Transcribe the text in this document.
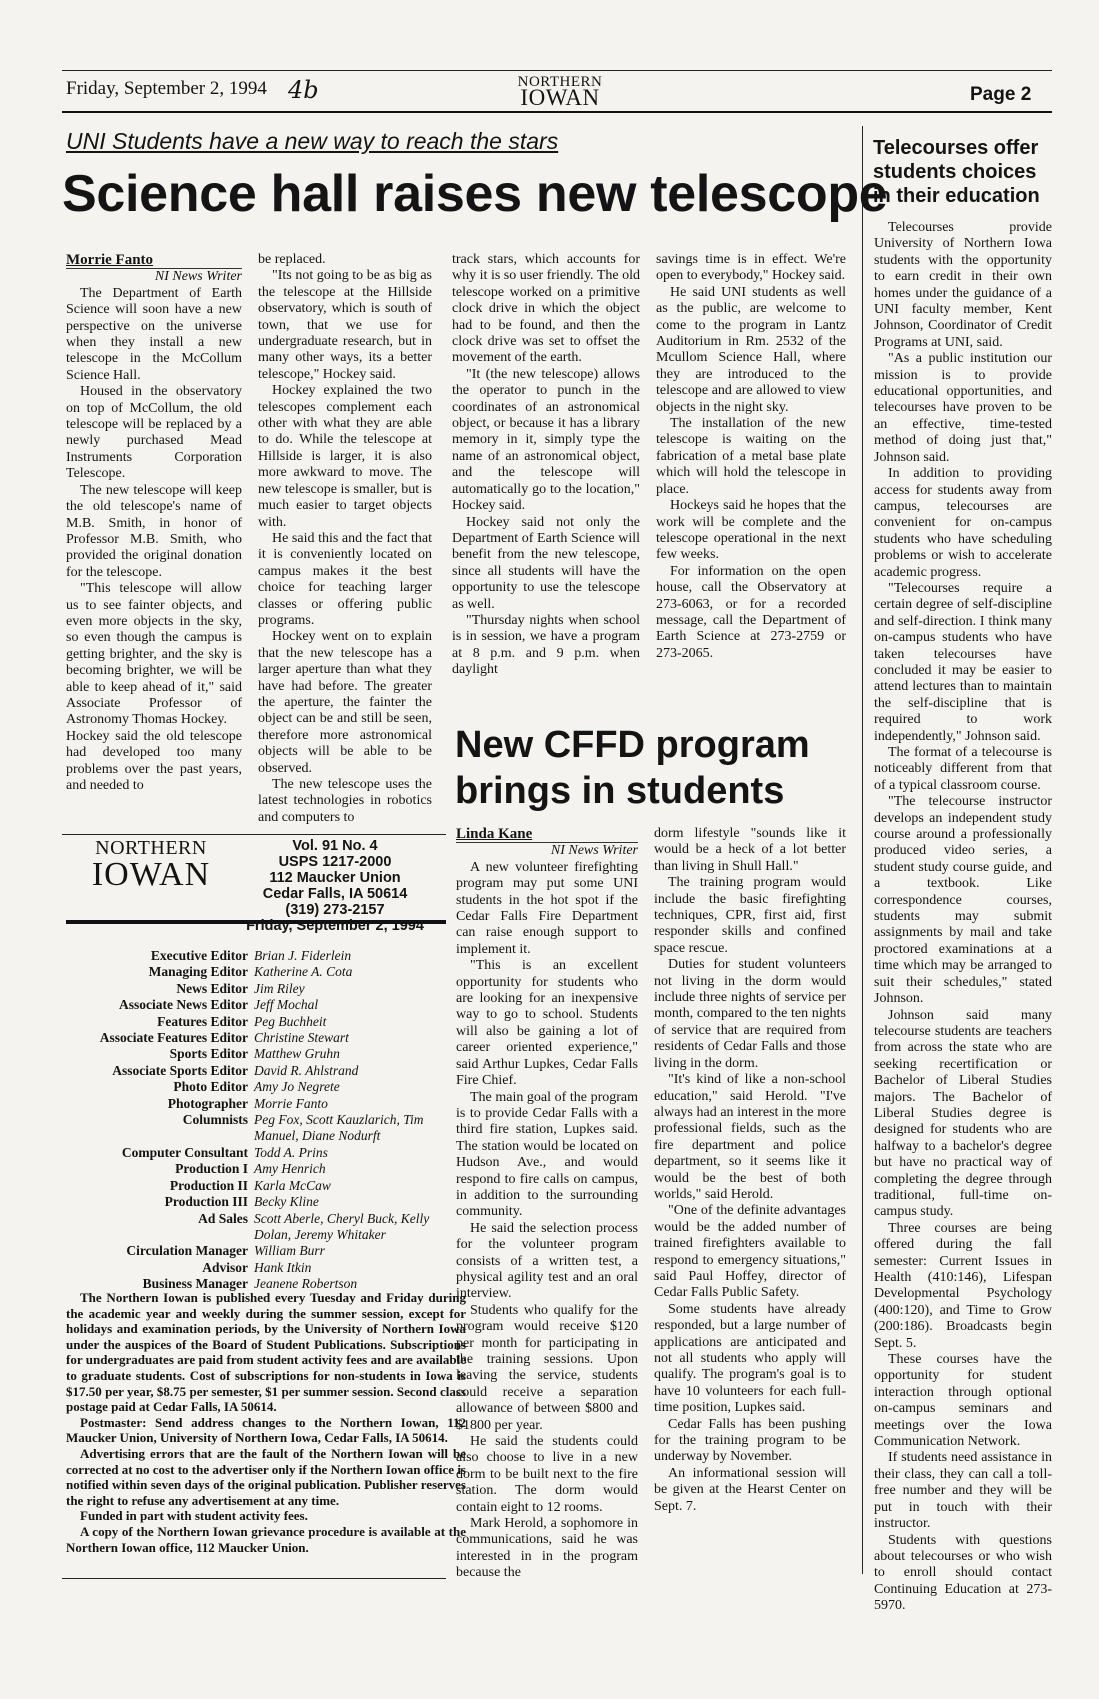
Friday, September 2, 1994 4b	NORTHERN
IOWAN	Page 2
UNI Students have a new way to reach the stars
Science hall raises new telescope

Morrie Fanto

NI News Writer

The Department of Earth Science will soon have a new perspective on the universe when they install a new telescope in the McCollum Science Hall.

Housed in the observatory on top of McCollum, the old telescope will be replaced by a newly purchased Mead Instruments Corporation Telescope.

The new telescope will keep the old telescope's name of M.B. Smith, in honor of Professor M.B. Smith, who provided the original donation for the telescope.

"This telescope will allow us to see fainter objects, and even more objects in the sky, so even though the campus is getting brighter, and the sky is becoming brighter, we will be able to keep ahead of it," said Associate Professor of Astronomy Thomas Hockey.

Hockey said the old telescope had developed too many problems over the past years, and needed to

be replaced.

"Its not going to be as big as the telescope at the Hillside observatory, which is south of town, that we use for undergraduate research, but in many other ways, its a better telescope," Hockey said.

Hockey explained the two telescopes complement each other with what they are able to do. While the telescope at Hillside is larger, it is also more awkward to move. The new telescope is smaller, but is much easier to target objects with.

He said this and the fact that it is conveniently located on campus makes it the best choice for teaching larger classes or offering public programs.

Hockey went on to explain that the new telescope has a larger aperture than what they have had before. The greater the aperture, the fainter the object can be and still be seen, therefore more astronomical objects will be able to be observed.

The new telescope uses the latest technologies in robotics and computers to

track stars, which accounts for why it is so user friendly. The old telescope worked on a primitive clock drive in which the object had to be found, and then the clock drive was set to offset the movement of the earth.

"It (the new telescope) allows the operator to punch in the coordinates of an astronomical object, or because it has a library memory in it, simply type the name of an astronomical object, and the telescope will automatically go to the location," Hockey said.

Hockey said not only the Department of Earth Science will benefit from the new telescope, since all students will have the opportunity to use the telescope as well.

"Thursday nights when school is in session, we have a program at 8 p.m. and 9 p.m. when daylight

savings time is in effect. We're open to everybody," Hockey said.

He said UNI students as well as the public, are welcome to come to the program in Lantz Auditorium in Rm. 2532 of the Mcullom Science Hall, where they are introduced to the telescope and are allowed to view objects in the night sky.

The installation of the new telescope is waiting on the fabrication of a metal base plate which will hold the telescope in place.

Hockeys said he hopes that the work will be complete and the telescope operational in the next few weeks.

For information on the open house, call the Observatory at 273-6063, or for a recorded message, call the Department of Earth Science at 273-2759 or 273-2065.

NORTHERN
IOWAN
Vol. 91 No. 4
USPS 1217-2000
112 Maucker Union
Cedar Falls, IA 50614
(319) 273-2157
Friday, September 2, 1994
Executive Editor Brian J. Fiderlein
Managing Editor Katherine A. Cota
News Editor Jim Riley
Associate News Editor Jeff Mochal
Features Editor Peg Buchheit
Associate Features Editor Christine Stewart
Sports Editor Matthew Gruhn
Associate Sports Editor David R. Ahlstrand
Photo Editor Amy Jo Negrete
Photographer Morrie Fanto
Columnists Peg Fox, Scott Kauzlarich, Tim Manuel, Diane Nodurft
Computer Consultant Todd A. Prins
Production I Amy Henrich
Production II Karla McCaw
Production III Becky Kline
Ad Sales Scott Aberle, Cheryl Buck, Kelly Dolan, Jeremy Whitaker
Circulation Manager William Burr
Advisor Hank Itkin
Business Manager Jeanene Robertson

The Northern Iowan is published every Tuesday and Friday during the academic year and weekly during the summer session, except for holidays and examination periods, by the University of Northern Iowa under the auspices of the Board of Student Publications. Subscriptions for undergraduates are paid from student activity fees and are available to graduate students. Cost of subscriptions for non-students in Iowa is $17.50 per year, $8.75 per semester, $1 per summer session. Second class postage paid at Cedar Falls, IA 50614.

Postmaster: Send address changes to the Northern Iowan, 112 Maucker Union, University of Northern Iowa, Cedar Falls, IA 50614.

Advertising errors that are the fault of the Northern Iowan will be corrected at no cost to the advertiser only if the Northern Iowan office is notified within seven days of the original publication. Publisher reserves the right to refuse any advertisement at any time.

Funded in part with student activity fees.

A copy of the Northern Iowan grievance procedure is available at the Northern Iowan office, 112 Maucker Union.

New CFFD program
brings in students

Linda Kane

NI News Writer

A new volunteer firefighting program may put some UNI students in the hot spot if the Cedar Falls Fire Department can raise enough support to implement it.

"This is an excellent opportunity for students who are looking for an inexpensive way to go to school. Students will also be gaining a lot of career oriented experience," said Arthur Lupkes, Cedar Falls Fire Chief.

The main goal of the program is to provide Cedar Falls with a third fire station, Lupkes said. The station would be located on Hudson Ave., and would respond to fire calls on campus, in addition to the surrounding community.

He said the selection process for the volunteer program consists of a written test, a physical agility test and an oral interview.

Students who qualify for the program would receive $120 per month for participating in the training sessions. Upon leaving the service, students could receive a separation allowance of between $800 and $1800 per year.

He said the students could also choose to live in a new dorm to be built next to the fire station. The dorm would contain eight to 12 rooms.

Mark Herold, a sophomore in communications, said he was interested in in the program because the

dorm lifestyle "sounds like it would be a heck of a lot better than living in Shull Hall."

The training program would include the basic firefighting techniques, CPR, first aid, first responder skills and confined space rescue.

Duties for student volunteers not living in the dorm would include three nights of service per month, compared to the ten nights of service that are required from residents of Cedar Falls and those living in the dorm.

"It's kind of like a non-school education," said Herold. "I've always had an interest in the more professional fields, such as the fire department and police department, so it seems like it would be the best of both worlds," said Herold.

"One of the definite advantages would be the added number of trained firefighters available to respond to emergency situations," said Paul Hoffey, director of Cedar Falls Public Safety.

Some students have already responded, but a large number of applications are anticipated and not all students who apply will qualify. The program's goal is to have 10 volunteers for each full-time position, Lupkes said.

Cedar Falls has been pushing for the training program to be underway by November.

An informational session will be given at the Hearst Center on Sept. 7.

Telecourses offer students choices in their education

Telecourses provide University of Northern Iowa students with the opportunity to earn credit in their own homes under the guidance of a UNI faculty member, Kent Johnson, Coordinator of Credit Programs at UNI, said.

"As a public institution our mission is to provide educational opportunities, and telecourses have proven to be an effective, time-tested method of doing just that," Johnson said.

In addition to providing access for students away from campus, telecourses are convenient for on-campus students who have scheduling problems or wish to accelerate academic progress.

"Telecourses require a certain degree of self-discipline and self-direction. I think many on-campus students who have taken telecourses have concluded it may be easier to attend lectures than to maintain the self-discipline that is required to work independently," Johnson said.

The format of a telecourse is noticeably different from that of a typical classroom course.

"The telecourse instructor develops an independent study course around a professionally produced video series, a student study course guide, and a textbook. Like correspondence courses, students may submit assignments by mail and take proctored examinations at a time which may be arranged to suit their schedules," stated Johnson.

Johnson said many telecourse students are teachers from across the state who are seeking recertification or Bachelor of Liberal Studies majors. The Bachelor of Liberal Studies degree is designed for students who are halfway to a bachelor's degree but have no practical way of completing the degree through traditional, full-time on-campus study.

Three courses are being offered during the fall semester: Current Issues in Health (410:146), Lifespan Developmental Psychology (400:120), and Time to Grow (200:186). Broadcasts begin Sept. 5.

These courses have the opportunity for student interaction through optional on-campus seminars and meetings over the Iowa Communication Network.

If students need assistance in their class, they can call a toll-free number and they will be put in touch with their instructor.

Students with questions about telecourses or who wish to enroll should contact Continuing Education at 273-5970.
